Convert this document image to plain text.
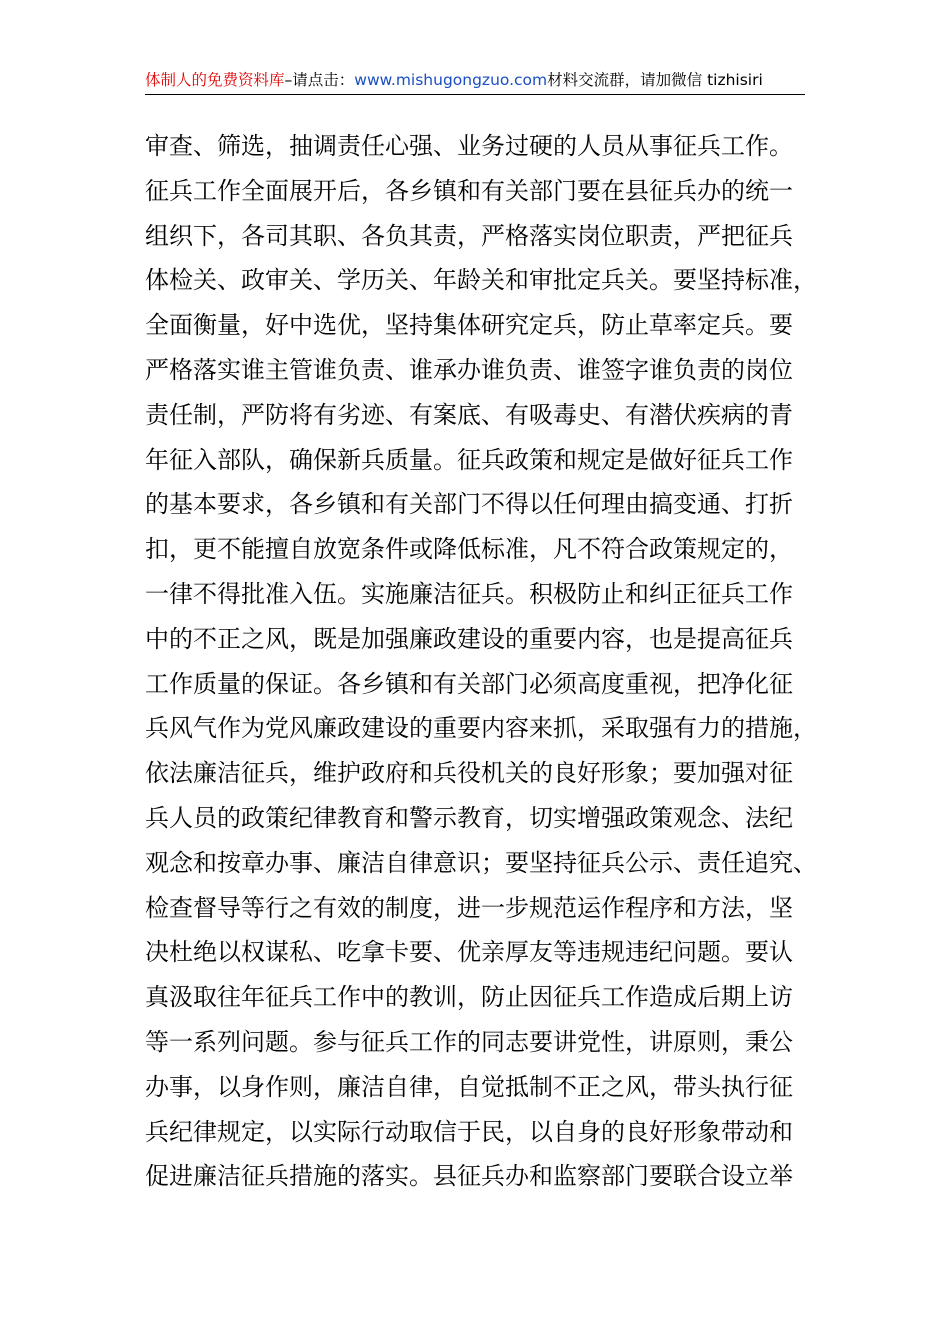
体制人的免费资料库–请点击：www.mishugongzuo.com材料交流群，请加微信 tizhisiri
审查、筛选，抽调责任心强、业务过硬的人员从事征兵工作。
征兵工作全面展开后，各乡镇和有关部门要在县征兵办的统一
组织下，各司其职、各负其责，严格落实岗位职责，严把征兵
体检关、政审关、学历关、年龄关和审批定兵关。要坚持标准，
全面衡量，好中选优，坚持集体研究定兵，防止草率定兵。要
严格落实谁主管谁负责、谁承办谁负责、谁签字谁负责的岗位
责任制，严防将有劣迹、有案底、有吸毒史、有潜伏疾病的青
年征入部队，确保新兵质量。征兵政策和规定是做好征兵工作
的基本要求，各乡镇和有关部门不得以任何理由搞变通、打折
扣，更不能擅自放宽条件或降低标准，凡不符合政策规定的，
一律不得批准入伍。实施廉洁征兵。积极防止和纠正征兵工作
中的不正之风，既是加强廉政建设的重要内容，也是提高征兵
工作质量的保证。各乡镇和有关部门必须高度重视，把净化征
兵风气作为党风廉政建设的重要内容来抓，采取强有力的措施，
依法廉洁征兵，维护政府和兵役机关的良好形象；要加强对征
兵人员的政策纪律教育和警示教育，切实增强政策观念、法纪
观念和按章办事、廉洁自律意识；要坚持征兵公示、责任追究、
检查督导等行之有效的制度，进一步规范运作程序和方法，坚
决杜绝以权谋私、吃拿卡要、优亲厚友等违规违纪问题。要认
真汲取往年征兵工作中的教训，防止因征兵工作造成后期上访
等一系列问题。参与征兵工作的同志要讲党性，讲原则，秉公
办事，以身作则，廉洁自律，自觉抵制不正之风，带头执行征
兵纪律规定，以实际行动取信于民，以自身的良好形象带动和
促进廉洁征兵措施的落实。县征兵办和监察部门要联合设立举
